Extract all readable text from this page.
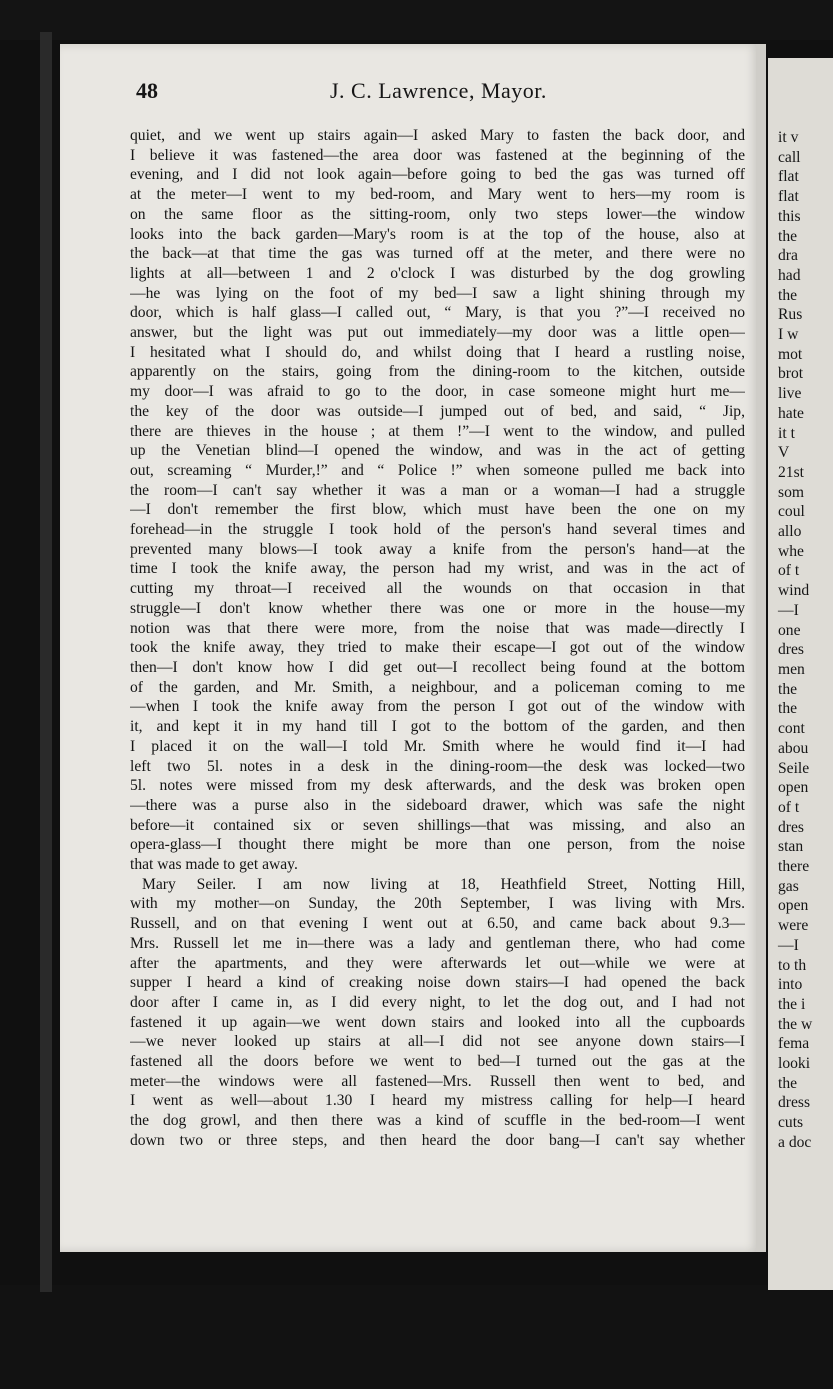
it v
call
flat
flat
this
the
dra
had
the
Rus
I w
mot
brot
live
hate
it t
V
21st
som
coul
allo
whe
of t
wind
—I
one
dres
men
the
the
cont
abou
Seile
open
of t
dres
stan
there
gas
open
were
—I
to th
into
the i
the w
fema
looki
the
dress
cuts
a doc
48	J. C. Lawrence, Mayor.
quiet, and we went up stairs again—I asked Mary to fasten the back door, and
I believe it was fastened—the area door was fastened at the beginning of the
evening, and I did not look again—before going to bed the gas was turned off
at the meter—I went to my bed-room, and Mary went to hers—my room is
on the same floor as the sitting-room, only two steps lower—the window
looks into the back garden—Mary's room is at the top of the house, also at
the back—at that time the gas was turned off at the meter, and there were no
lights at all—between 1 and 2 o'clock I was disturbed by the dog growling
—he was lying on the foot of my bed—I saw a light shining through my
door, which is half glass—I called out, “ Mary, is that you ?”—I received no
answer, but the light was put out immediately—my door was a little open—
I hesitated what I should do, and whilst doing that I heard a rustling noise,
apparently on the stairs, going from the dining-room to the kitchen, outside
my door—I was afraid to go to the door, in case someone might hurt me—
the key of the door was outside—I jumped out of bed, and said, “ Jip,
there are thieves in the house ; at them !”—I went to the window, and pulled
up the Venetian blind—I opened the window, and was in the act of getting
out, screaming “ Murder,!” and “ Police !” when someone pulled me back into
the room—I can't say whether it was a man or a woman—I had a struggle
—I don't remember the first blow, which must have been the one on my
forehead—in the struggle I took hold of the person's hand several times and
prevented many blows—I took away a knife from the person's hand—at the
time I took the knife away, the person had my wrist, and was in the act of
cutting my throat—I received all the wounds on that occasion in that
struggle—I don't know whether there was one or more in the house—my
notion was that there were more, from the noise that was made—directly I
took the knife away, they tried to make their escape—I got out of the window
then—I don't know how I did get out—I recollect being found at the bottom
of the garden, and Mr. Smith, a neighbour, and a policeman coming to me
—when I took the knife away from the person I got out of the window with
it, and kept it in my hand till I got to the bottom of the garden, and then
I placed it on the wall—I told Mr. Smith where he would find it—I had
left two 5l. notes in a desk in the dining-room—the desk was locked—two
5l. notes were missed from my desk afterwards, and the desk was broken open
—there was a purse also in the sideboard drawer, which was safe the night
before—it contained six or seven shillings—that was missing, and also an
opera-glass—I thought there might be more than one person, from the noise
that was made to get away.
Mary Seiler. I am now living at 18, Heathfield Street, Notting Hill,
with my mother—on Sunday, the 20th September, I was living with Mrs.
Russell, and on that evening I went out at 6.50, and came back about 9.3—
Mrs. Russell let me in—there was a lady and gentleman there, who had come
after the apartments, and they were afterwards let out—while we were at
supper I heard a kind of creaking noise down stairs—I had opened the back
door after I came in, as I did every night, to let the dog out, and I had not
fastened it up again—we went down stairs and looked into all the cupboards
—we never looked up stairs at all—I did not see anyone down stairs—I
fastened all the doors before we went to bed—I turned out the gas at the
meter—the windows were all fastened—Mrs. Russell then went to bed, and
I went as well—about 1.30 I heard my mistress calling for help—I heard
the dog growl, and then there was a kind of scuffle in the bed-room—I went
down two or three steps, and then heard the door bang—I can't say whether
